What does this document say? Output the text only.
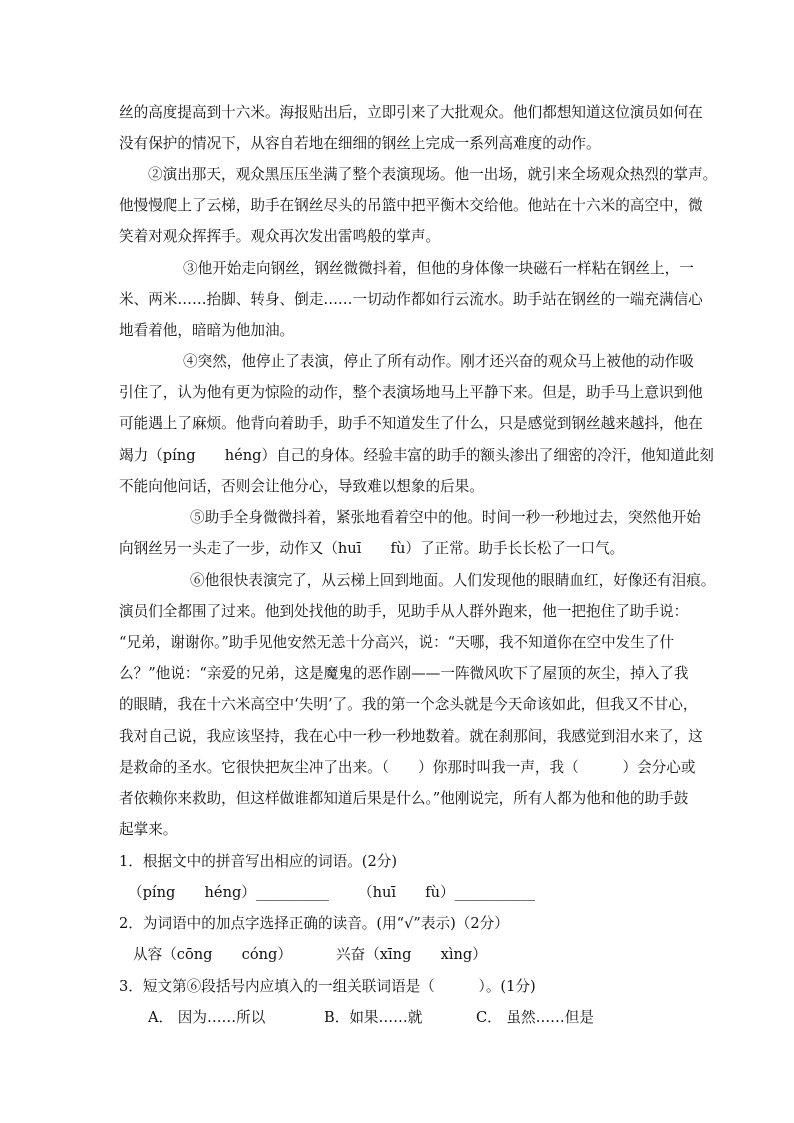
丝的高度提高到十六米。海报贴出后，立即引来了大批观众。他们都想知道这位演员如何在
没有保护的情况下，从容自若地在细细的钢丝上完成一系列高难度的动作。
②演出那天，观众黑压压坐满了整个表演现场。他一出场，就引来全场观众热烈的掌声。
他慢慢爬上了云梯，助手在钢丝尽头的吊篮中把平衡木交给他。他站在十六米的高空中，微
笑着对观众挥挥手。观众再次发出雷鸣般的掌声。
③他开始走向钢丝，钢丝微微抖着，但他的身体像一块磁石一样粘在钢丝上，一
米、两米……抬脚、转身、倒走……一切动作都如行云流水。助手站在钢丝的一端充满信心
地看着他，暗暗为他加油。
④突然，他停止了表演，停止了所有动作。刚才还兴奋的观众马上被他的动作吸
引住了，认为他有更为惊险的动作，整个表演场地马上平静下来。但是，助手马上意识到他
可能遇上了麻烦。他背向着助手，助手不知道发生了什么，只是感觉到钢丝越来越抖，他在
竭力（píng　　héng）自己的身体。经验丰富的助手的额头渗出了细密的冷汗，他知道此刻
不能向他问话，否则会让他分心，导致难以想象的后果。
⑤助手全身微微抖着，紧张地看着空中的他。时间一秒一秒地过去，突然他开始
向钢丝另一头走了一步，动作又（huī　　fù）了正常。助手长长松了一口气。
⑥他很快表演完了，从云梯上回到地面。人们发现他的眼睛血红，好像还有泪痕。
演员们全都围了过来。他到处找他的助手，见助手从人群外跑来，他一把抱住了助手说：
“兄弟，谢谢你。”助手见他安然无恙十分高兴，说：“天哪，我不知道你在空中发生了什
么？”他说：“亲爱的兄弟，这是魔鬼的恶作剧——一阵微风吹下了屋顶的灰尘，掉入了我
的眼睛，我在十六米高空中‘失明’了。我的第一个念头就是今天命该如此，但我又不甘心，
我对自己说，我应该坚持，我在心中一秒一秒地数着。就在刹那间，我感觉到泪水来了，这
是救命的圣水。它很快把灰尘冲了出来。（　　）你那时叫我一声，我（　　　）会分心或
者依赖你来救助，但这样做谁都知道后果是什么。”他刚说完，所有人都为他和他的助手鼓
起掌来。
1．根据文中的拼音写出相应的词语。(2分)
（píng　　héng）__________ （huī　　fù）___________
2．为词语中的加点字选择正确的读音。(用“√”表示)（2分）
从容（cōng　　cóng）	兴奋（xīng　　xìng）
3．短文第⑥段括号内应填入的一组关联词语是（　　　）。(1分)
A． 因为……所以	B．如果……就	C． 虽然……但是
